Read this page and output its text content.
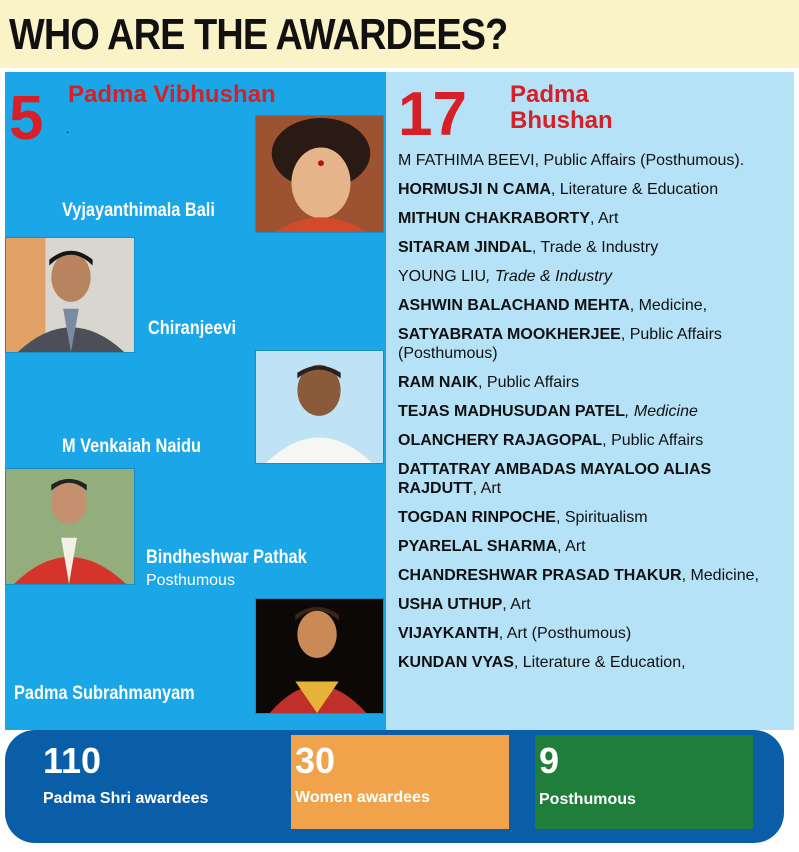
WHO ARE THE AWARDEES?
5 Padma Vibhushan
.
Vyjayanthimala Bali
Chiranjeevi
M Venkaiah Naidu
Bindheshwar Pathak
Posthumous
Padma Subrahmanyam
17 Padma
Bhushan
M FATHIMA BEEVI, Public Affairs (Posthumous).
HORMUSJI N CAMA, Literature & Education
MITHUN CHAKRABORTY, Art
SITARAM JINDAL, Trade & Industry
YOUNG LIU, Trade & Industry
ASHWIN BALACHAND MEHTA, Medicine,
SATYABRATA MOOKHERJEE, Public Affairs (Posthumous)
RAM NAIK, Public Affairs
TEJAS MADHUSUDAN PATEL, Medicine
OLANCHERY RAJAGOPAL, Public Affairs
DATTATRAY AMBADAS MAYALOO ALIAS RAJDUTT, Art
TOGDAN RINPOCHE, Spiritualism
PYARELAL SHARMA, Art
CHANDRESHWAR PRASAD THAKUR, Medicine,
USHA UTHUP, Art
VIJAYKANTH, Art (Posthumous)
KUNDAN VYAS, Literature & Education,
110
Padma Shri awardees
30
Women awardees
9
Posthumous
